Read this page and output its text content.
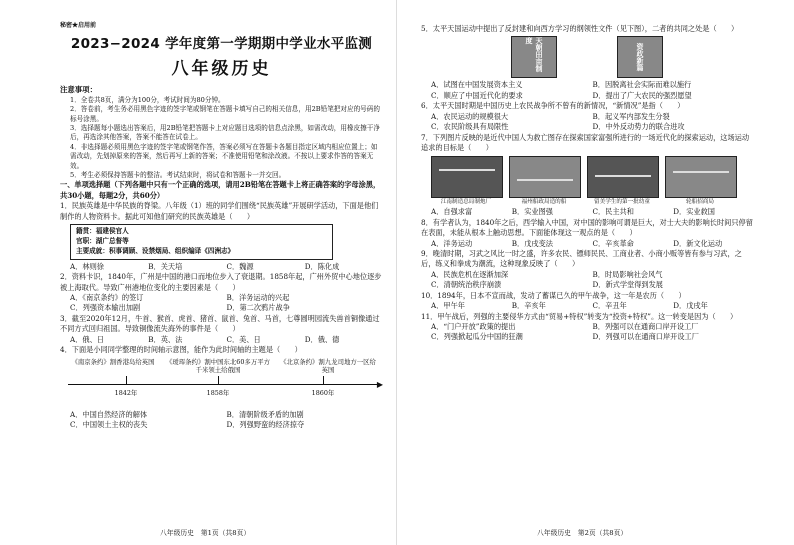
秘密★启用前
2023−2024 学年度第一学期期中学业水平监测
八年级历史
注意事项：
1．全卷共8页，满分为100分，考试时间为80分钟。
2．答卷前，考生务必用黑色字迹的签字笔或钢笔在答题卡填写自己的相关信息，用2B铅笔把对应的号码的标号涂黑。
3．选择题每小题选出答案后，用2B铅笔把答题卡上对应题目选项的信息点涂黑，如需改动，用橡皮擦干净后，再选涂其他答案，答案不能答在试卷上。
4．非选择题必须用黑色字迹的签字笔或钢笔作答，答案必须写在答题卡各题目指定区域内相应位置上；如需改动，先划掉原来的答案，然后再写上新的答案；不准使用铅笔和涂改液。不按以上要求作答的答案无效。
5．考生必须保持答题卡的整洁。考试结束时，将试卷和答题卡一并交回。

一、单项选择题（下列各题中只有一个正确的选项，请用2B铅笔在答题卡上将正确答案的字母涂黑，共30小题，每题2分，共60分）

1．民族英雄是中华民族的脊梁。八年级（1）班的同学们围绕“民族英雄”开展研学活动，下面是他们制作的人物资料卡。据此可知他们研究的民族英雄是（　　）

籍贯：福建侯官人
官职：湖广总督等
主要成就：积事调顾、设禁烟局、组织编译《四洲志》
A．林则徐	B．关天培	C．魏源	D．陈化成

2．资料卡识，1840年，广州是中国的港口而地位步入了衰退期。1858年起，广州外贸中心地位逐步被上海取代。导致广州港地位变化的主要因素是（　　）

A．《南京条约》的签订	B．洋务运动的兴起
C．列强资本输出加剧	D．第二次鸦片战争

3．截至2020年12月，牛首、猴首、虎首、猪首、鼠首、兔首、马首，七尊圆明园流失兽首铜像通过不同方式回归祖国。导致铜像流失海外的事件是（　　）

A．俄、日	B．英、法	C．美、日	D．俄、德

4．下面是小同同学整理的时间轴示意图，能作为此时间轴的主题是（　　）

《南京条约》割香港岛给英国	《瑷珲条约》割中国东北60多万平方千米领土给俄国
《北京条约》割九龙司地方一区给英国
▶
1842年	1858年	1860年
A．中国自然经济的解体	B．清朝阶级矛盾的加剧
C．中国领土主权的丧失	D．列强野蛮的经济掠夺
八年级历史　第1页（共8页）

5．太平天国运动中提出了反封建和向西方学习的纲领性文件（见下图），二者的共同之处是（　　）

天朝田亩制度
资政新篇
A．试图在中国发展资本主义	B．因脱离社会实际而难以施行
C．顺应了中国近代化的要求	D．提出了广大农民的强烈愿望

6．太平天国时期是中国历史上农民战争所不曾有的新情况，“新情况”是指（　　）

A．农民运动的规模很大	B．起义军内部发生分裂
C．农民阶级具有局限性	D．中外反动势力的联合进攻

7．下列图片反映的是近代中国人为救亡图存在探索国家富强所进行的一场近代化的探索运动，这场运动追求的目标是（　　）

江南制造总局制炮厂	福州船政局造的船	留美学生的第一批幼童	轮船招商局
A．自强求富	B．实业图强	C．民主共和	D．实业救国

8．有学者认为，1840年之后，西学输入中国，对中国的影响可谓是巨大，对士大夫的影响长时间只停留在表面，未能从根本上触动思想。下面能体现这一观点的是（　　）

A．洋务运动	B．戊戌变法	C．辛亥革命	D．新文化运动

9．晚清时期，习武之风比一时之盛，许多农民、镖师民民、工商业者、小商小贩等皆有参与习武，之后，练义和拳成为潮流，这种现象反映了（　　）

A．民族危机在逐渐加深	B．时局影响社会风气
C．清朝统治秩序崩溃	D．新式学堂得到发展

10．1894年，日本不宣而战，发动了蓄谋已久的甲午战争，这一年是农历（　　）

A．甲午年	B．辛亥年	C．辛丑年	D．戊戌年

11．甲午战后，列强的主要侵华方式由“贸易+特权”转变为“投资+特权”。这一转变是因为（　　）

A．“门户开放”政策的提出	B．列强可以在通商口岸开设工厂
C．列强掀起瓜分中国的狂潮	D．列强可以在通商口岸开设工厂
八年级历史　第2页（共8页）
